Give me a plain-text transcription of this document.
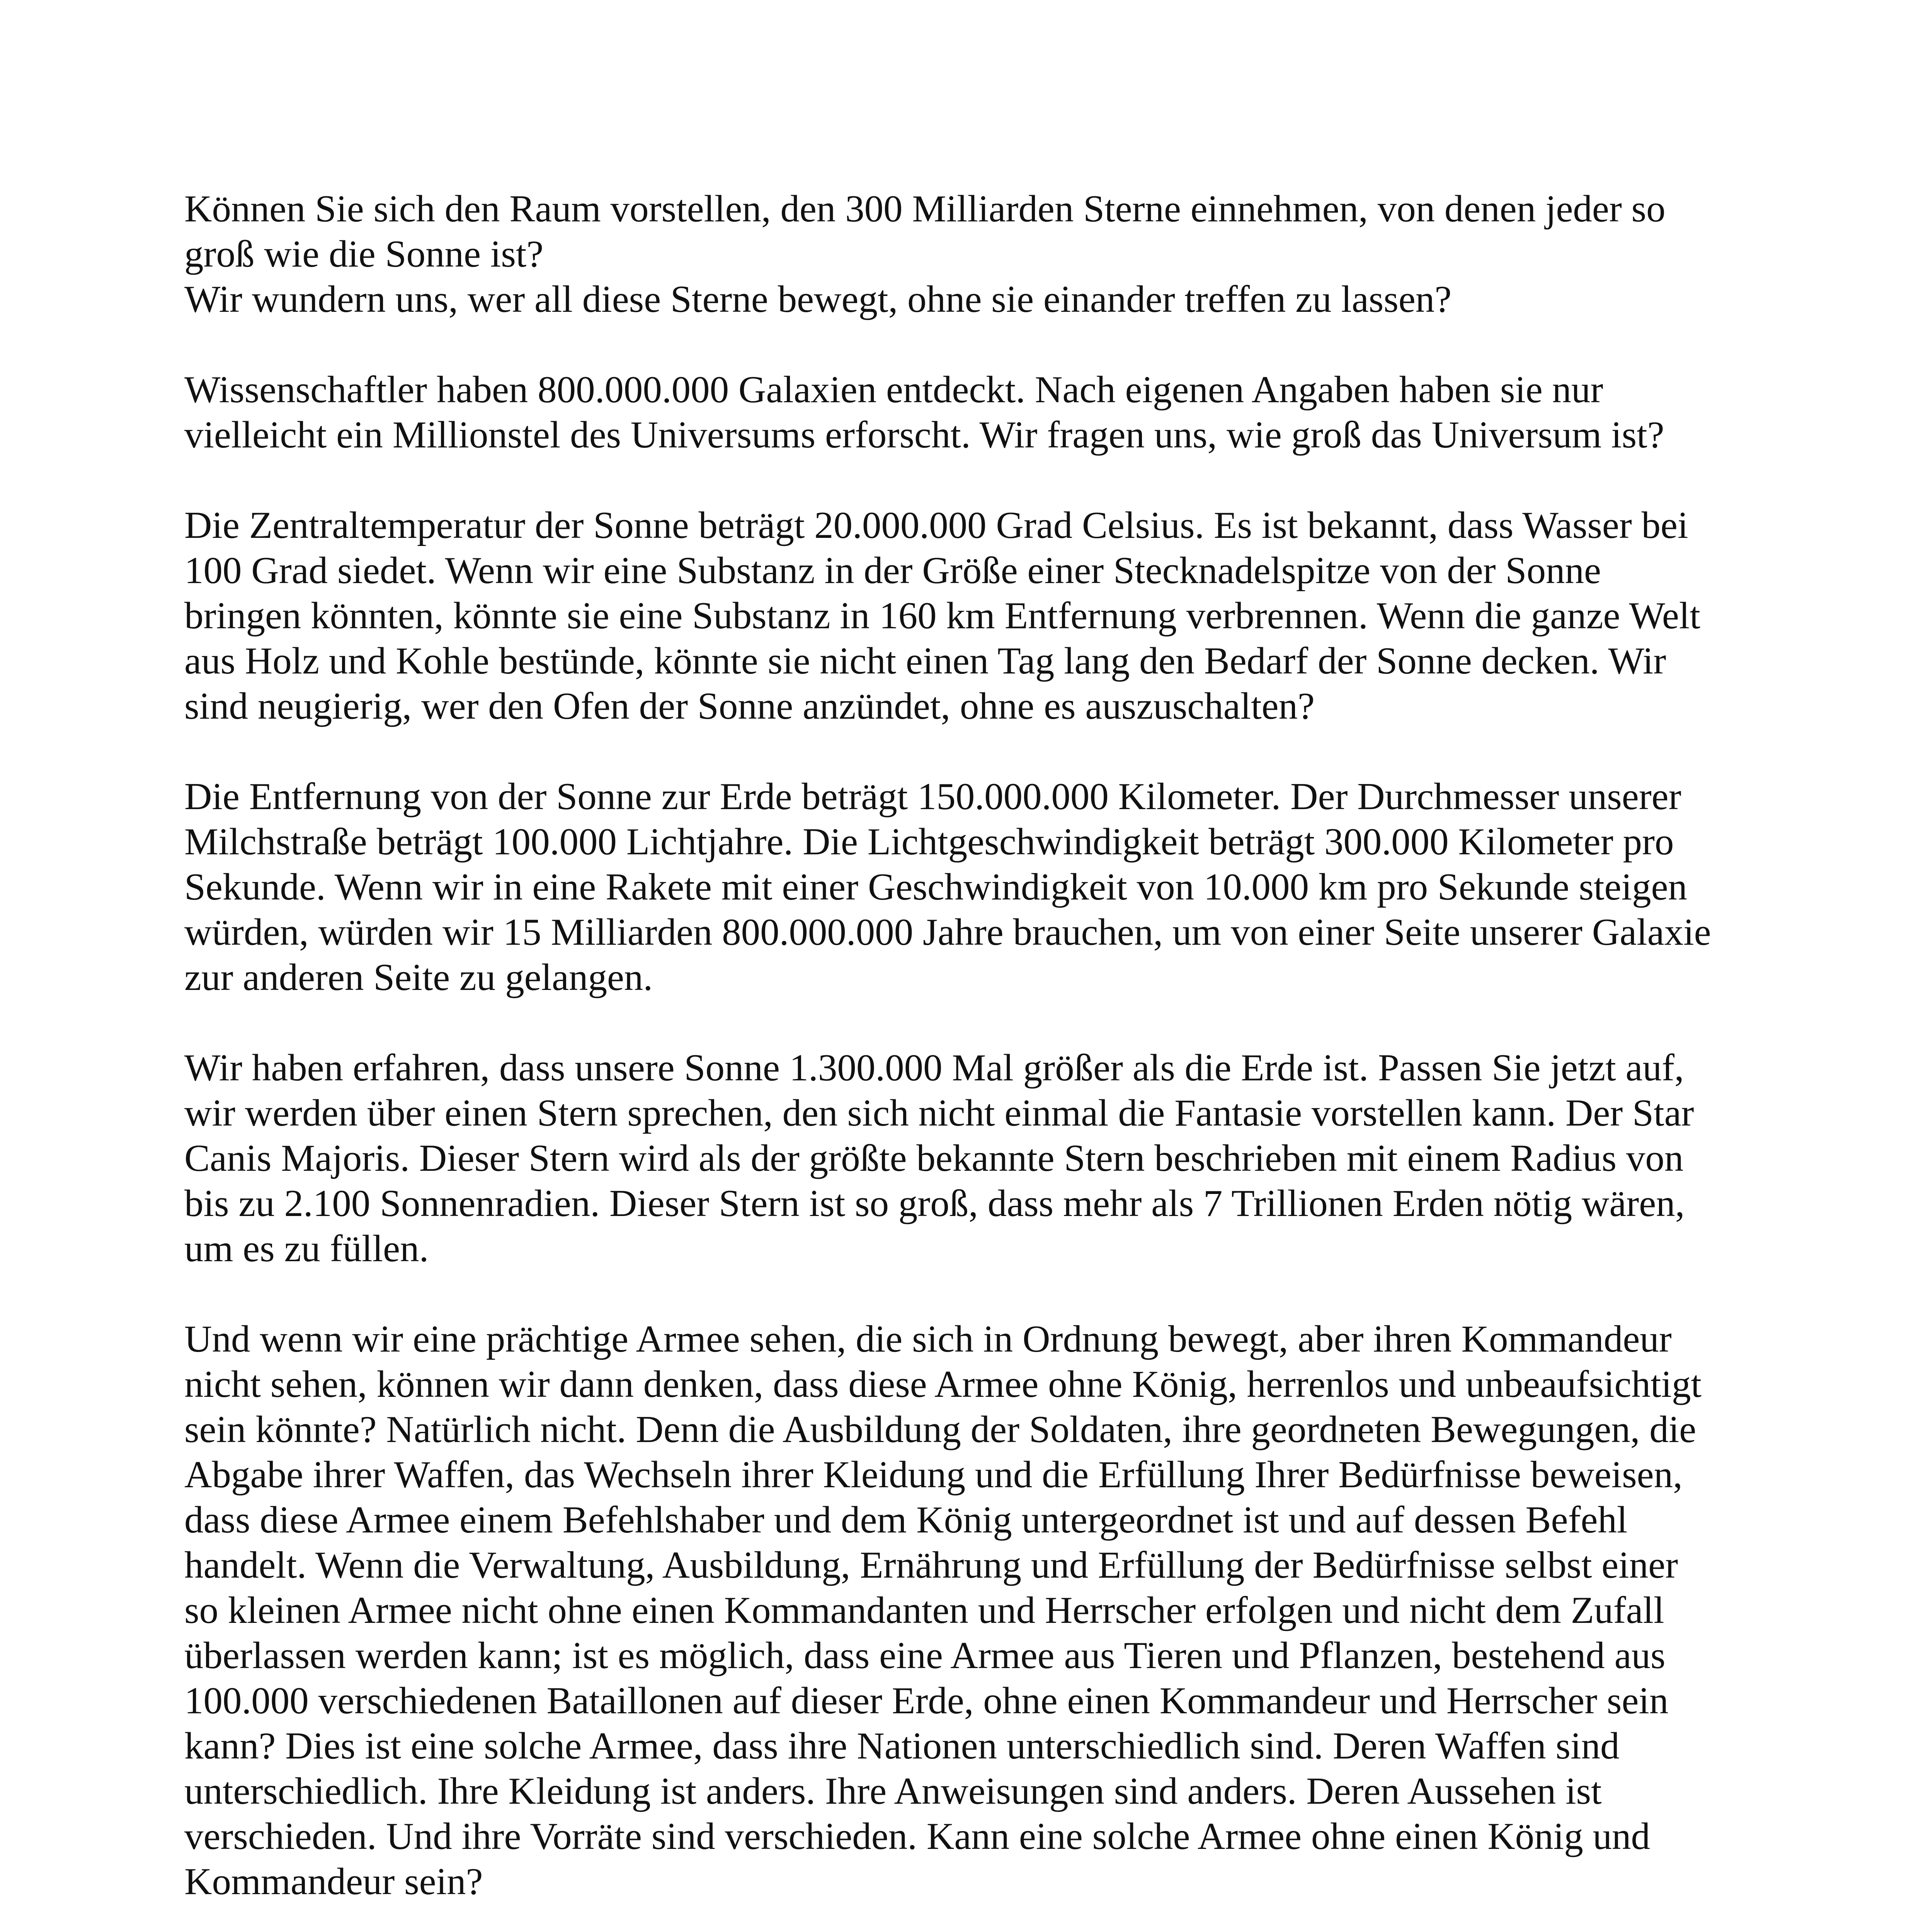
Können Sie sich den Raum vorstellen, den 300 Milliarden Sterne einnehmen, von denen jeder so
groß wie die Sonne ist?
Wir wundern uns, wer all diese Sterne bewegt, ohne sie einander treffen zu lassen?

Wissenschaftler haben 800.000.000 Galaxien entdeckt. Nach eigenen Angaben haben sie nur
vielleicht ein Millionstel des Universums erforscht. Wir fragen uns, wie groß das Universum ist?

Die Zentraltemperatur der Sonne beträgt 20.000.000 Grad Celsius. Es ist bekannt, dass Wasser bei
100 Grad siedet. Wenn wir eine Substanz in der Größe einer Stecknadelspitze von der Sonne
bringen könnten, könnte sie eine Substanz in 160 km Entfernung verbrennen. Wenn die ganze Welt
aus Holz und Kohle bestünde, könnte sie nicht einen Tag lang den Bedarf der Sonne decken. Wir
sind neugierig, wer den Ofen der Sonne anzündet, ohne es auszuschalten?

Die Entfernung von der Sonne zur Erde beträgt 150.000.000 Kilometer. Der Durchmesser unserer
Milchstraße beträgt 100.000 Lichtjahre. Die Lichtgeschwindigkeit beträgt 300.000 Kilometer pro
Sekunde. Wenn wir in eine Rakete mit einer Geschwindigkeit von 10.000 km pro Sekunde steigen
würden, würden wir 15 Milliarden 800.000.000 Jahre brauchen, um von einer Seite unserer Galaxie
zur anderen Seite zu gelangen.

Wir haben erfahren, dass unsere Sonne 1.300.000 Mal größer als die Erde ist. Passen Sie jetzt auf,
wir werden über einen Stern sprechen, den sich nicht einmal die Fantasie vorstellen kann. Der Star
Canis Majoris. Dieser Stern wird als der größte bekannte Stern beschrieben mit einem Radius von
bis zu 2.100 Sonnenradien. Dieser Stern ist so groß, dass mehr als 7 Trillionen Erden nötig wären,
um es zu füllen.

Und wenn wir eine prächtige Armee sehen, die sich in Ordnung bewegt, aber ihren Kommandeur
nicht sehen, können wir dann denken, dass diese Armee ohne König, herrenlos und unbeaufsichtigt
sein könnte? Natürlich nicht. Denn die Ausbildung der Soldaten, ihre geordneten Bewegungen, die
Abgabe ihrer Waffen, das Wechseln ihrer Kleidung und die Erfüllung Ihrer Bedürfnisse beweisen,
dass diese Armee einem Befehlshaber und dem König untergeordnet ist und auf dessen Befehl
handelt. Wenn die Verwaltung, Ausbildung, Ernährung und Erfüllung der Bedürfnisse selbst einer
so kleinen Armee nicht ohne einen Kommandanten und Herrscher erfolgen und nicht dem Zufall
überlassen werden kann; ist es möglich, dass eine Armee aus Tieren und Pflanzen, bestehend aus
100.000 verschiedenen Bataillonen auf dieser Erde, ohne einen Kommandeur und Herrscher sein
kann? Dies ist eine solche Armee, dass ihre Nationen unterschiedlich sind. Deren Waffen sind
unterschiedlich. Ihre Kleidung ist anders. Ihre Anweisungen sind anders. Deren Aussehen ist
verschieden. Und ihre Vorräte sind verschieden. Kann eine solche Armee ohne einen König und
Kommandeur sein?
